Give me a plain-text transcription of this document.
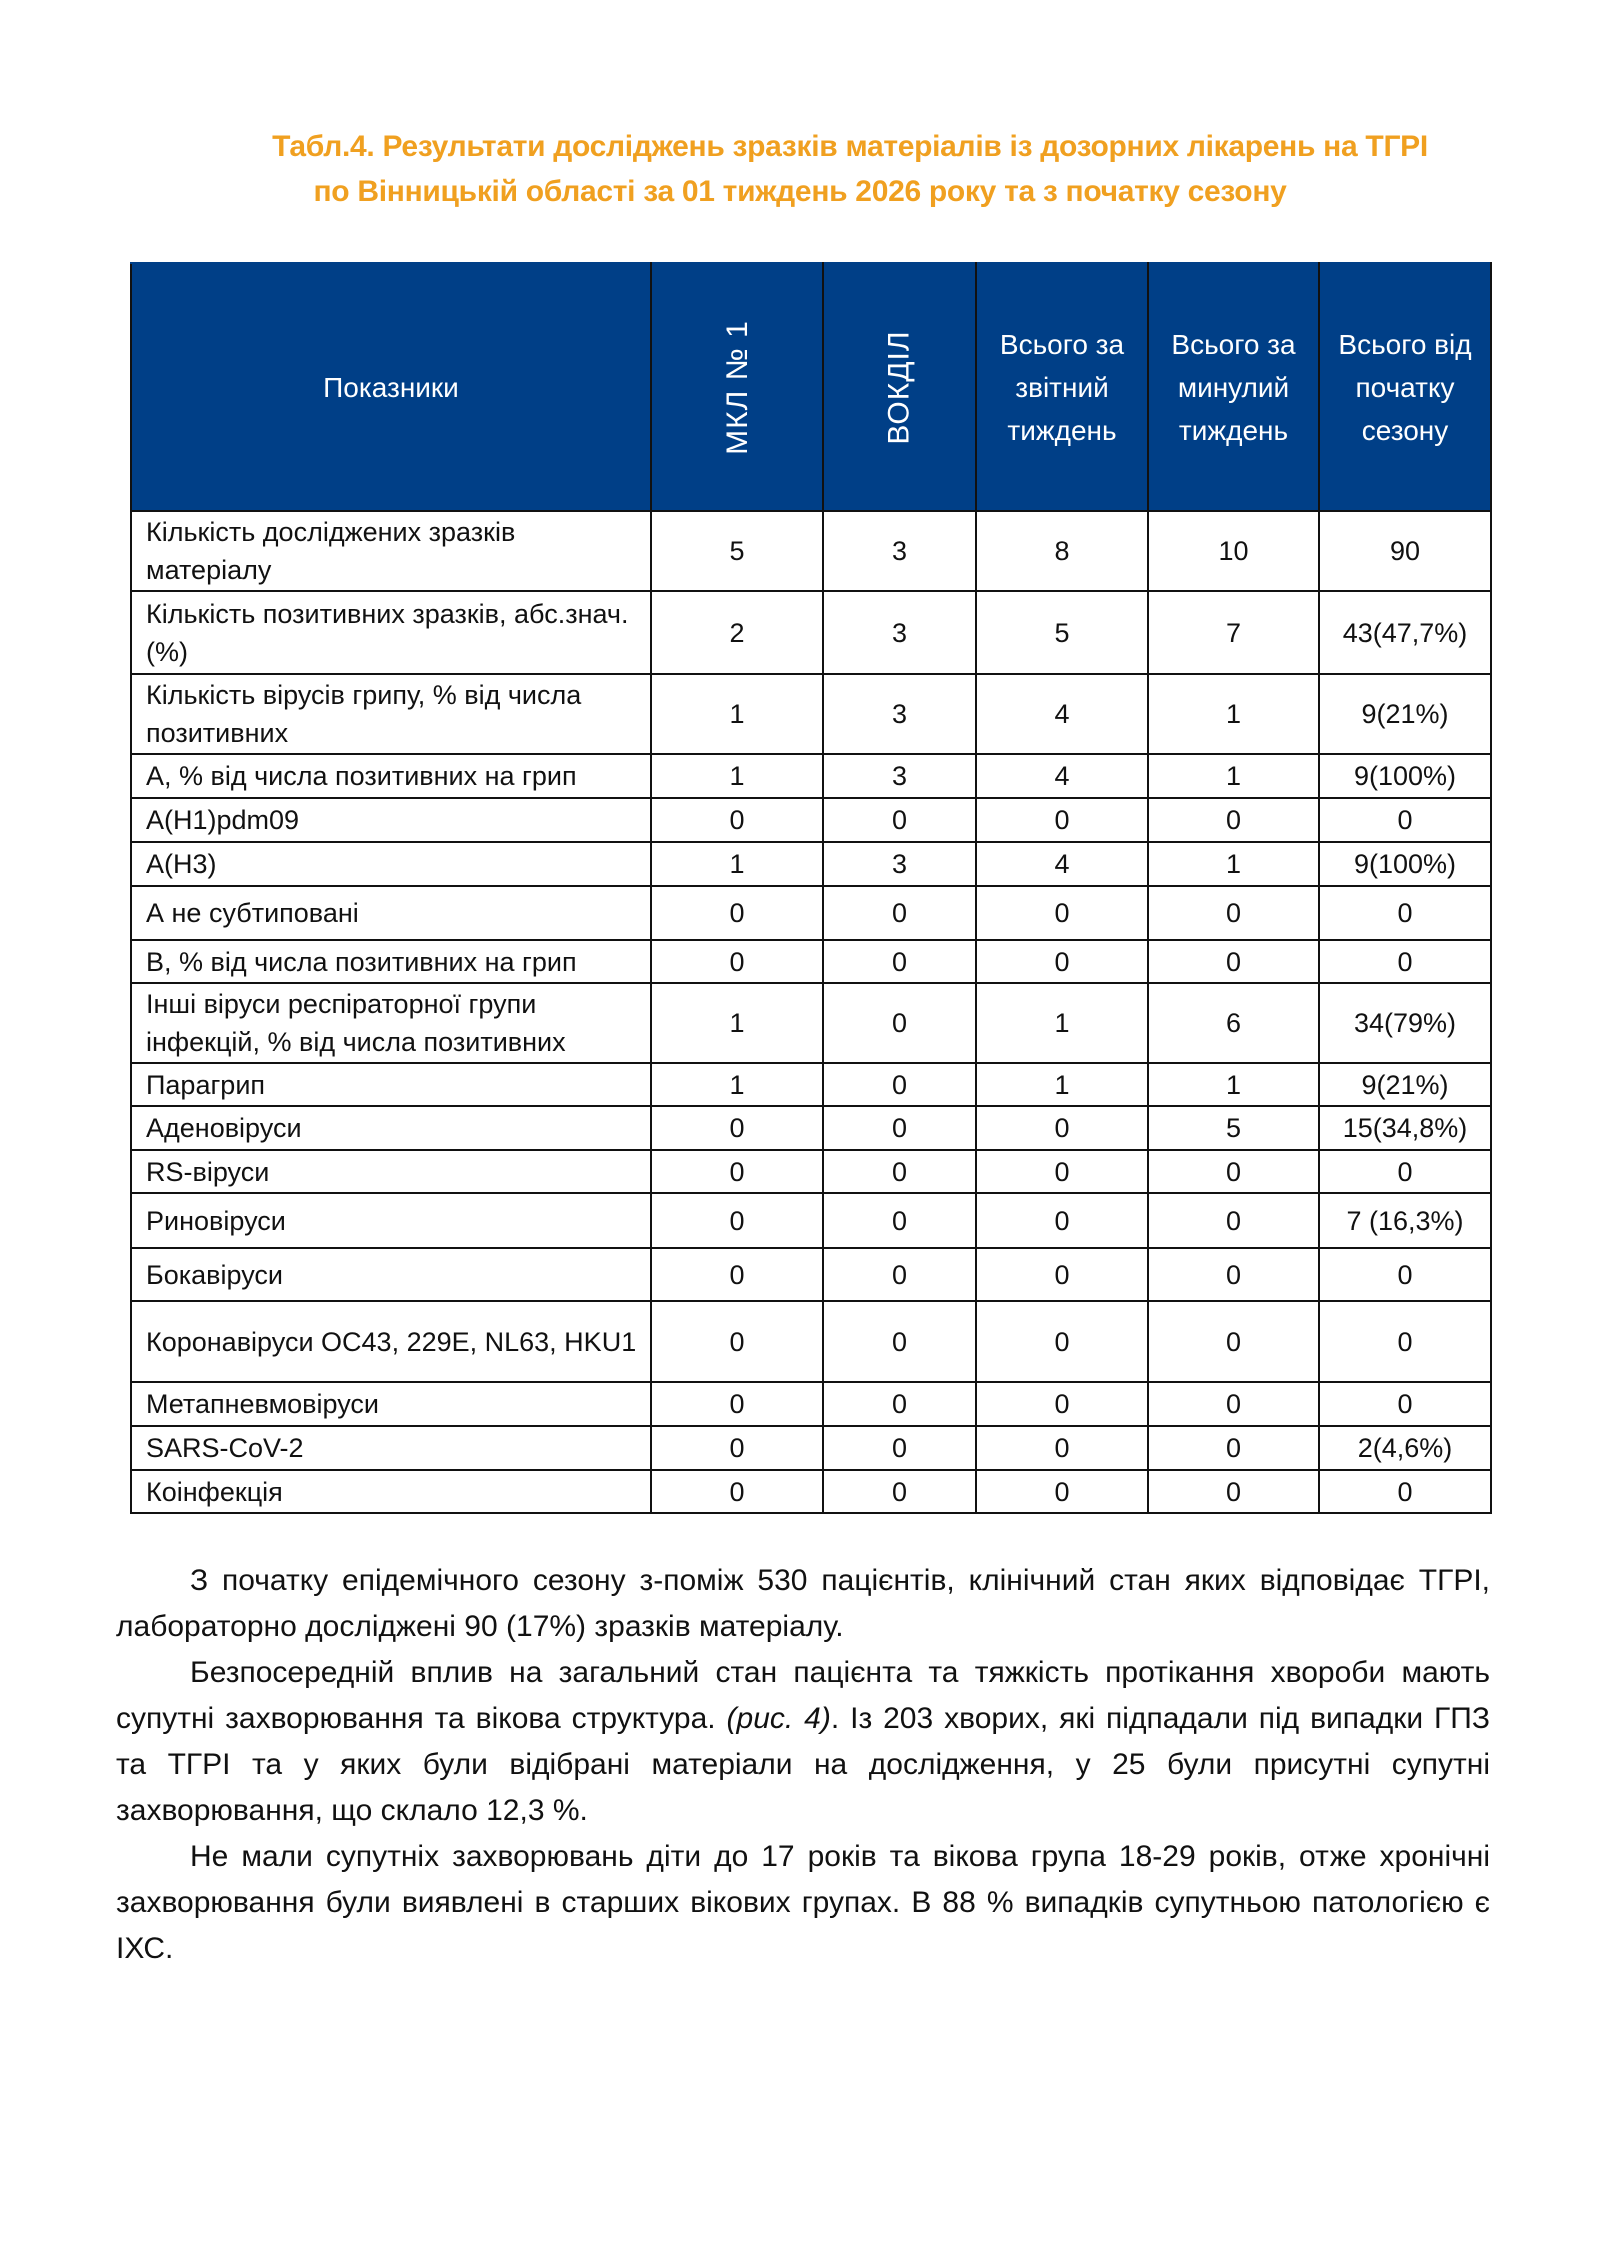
Табл.4. Результати досліджень зразків матеріалів із дозорних лікарень на ТГРІ
по Вінницькій області за 01 тиждень 2026 року та з початку сезону
Показники	МКЛ № 1	ВОКДІЛ	Всього за звітний тиждень	Всього за минулий тиждень	Всього від початку сезону
Кількість досліджених зразків матеріалу	5	3	8	10	90
Кількість позитивних зразків, абс.знач. (%)	2	3	5	7	43(47,7%)
Кількість вірусів грипу, % від числа позитивних	1	3	4	1	9(21%)
А, % від числа позитивних на грип	1	3	4	1	9(100%)
А(Н1)pdm09	0	0	0	0	0
А(Н3)	1	3	4	1	9(100%)
А не субтиповані	0	0	0	0	0
В, % від числа позитивних на грип	0	0	0	0	0
Інші віруси респіраторної групи інфекцій, % від числа позитивних	1	0	1	6	34(79%)
Парагрип	1	0	1	1	9(21%)
Аденовіруси	0	0	0	5	15(34,8%)
RS-віруси	0	0	0	0	0
Риновіруси	0	0	0	0	7 (16,3%)
Бокавіруси	0	0	0	0	0
Коронавіруси ОС43, 229E, NL63, HKU1	0	0	0	0	0
Метапневмовіруси	0	0	0	0	0
SARS-CoV-2	0	0	0	0	2(4,6%)
Коінфекція	0	0	0	0	0
З початку епідемічного сезону з-поміж 530 пацієнтів, клінічний стан яких відповідає ТГРІ, лабораторно досліджені 90 (17%) зразків матеріалу.
Безпосередній вплив на загальний стан пацієнта та тяжкість протікання хвороби мають супутні захворювання та вікова структура. (рис. 4). Із 203 хворих, які підпадали під випадки ГПЗ та ТГРІ та у яких були відібрані матеріали на дослідження, у 25 були присутні супутні захворювання, що склало 12,3 %.
Не мали супутніх захворювань діти до 17 років та вікова група 18-29 років, отже хронічні захворювання були виявлені в старших вікових групах. В 88 % випадків супутньою патологією є ІХС.
